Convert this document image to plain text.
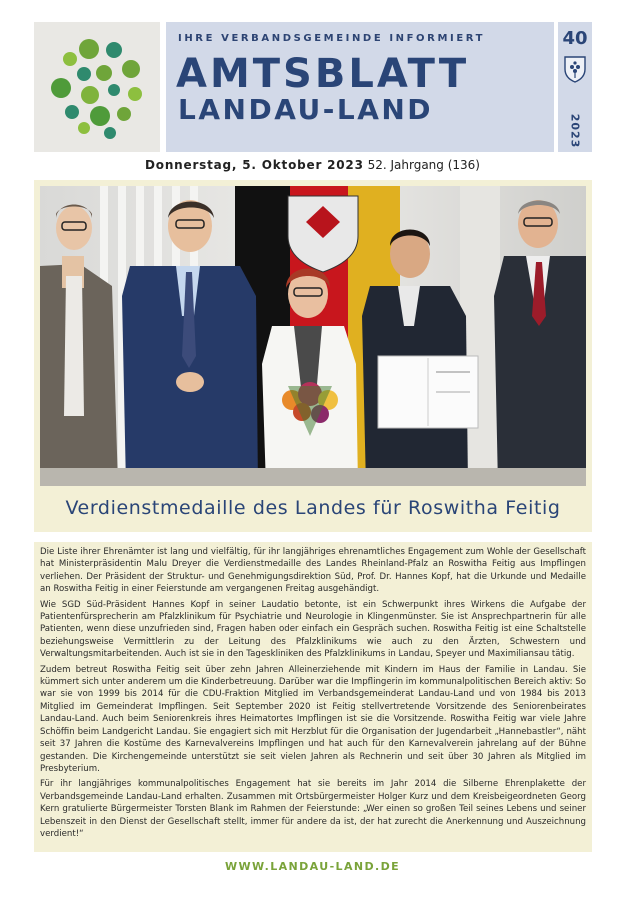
IHRE VERBANDSGEMEINDE INFORMIERT
AMTSBLATT
LANDAU-LAND
40
2023
Donnerstag, 5. Oktober 2023 52. Jahrgang (136)
Verdienstmedaille des Landes für Roswitha Feitig

Die Liste ihrer Ehrenämter ist lang und vielfältig, für ihr langjähriges ehrenamtliches Engagement zum Wohle der Gesellschaft hat Ministerpräsidentin Malu Dreyer die Verdienstmedaille des Landes Rheinland-Pfalz an Roswitha Feitig aus Impflingen verliehen. Der Präsident der Struktur- und Genehmigungsdirektion Süd, Prof. Dr. Hannes Kopf, hat die Urkunde und Medaille an Roswitha Feitig in einer Feierstunde am vergangenen Freitag ausgehändigt.

Wie SGD Süd-Präsident Hannes Kopf in seiner Laudatio betonte, ist ein Schwerpunkt ihres Wirkens die Aufgabe der Patientenfürsprecherin am Pfalzklinikum für Psychiatrie und Neurologie in Klingenmünster. Sie ist Ansprechpartnerin für alle Patienten, wenn diese unzufrieden sind, Fragen haben oder einfach ein Gespräch suchen. Roswitha Feitig ist eine Schaltstelle beziehungsweise Vermittlerin zu der Leitung des Pfalzklinikums wie auch zu den Ärzten, Schwestern und Verwaltungsmitarbeitenden. Auch ist sie in den Tageskliniken des Pfalzklinikums in Landau, Speyer und Maximiliansau tätig.

Zudem betreut Roswitha Feitig seit über zehn Jahren Alleinerziehende mit Kindern im Haus der Familie in Landau. Sie kümmert sich unter anderem um die Kinderbetreuung. Darüber war die Impflingerin im kommunalpolitischen Bereich aktiv: So war sie von 1999 bis 2014 für die CDU-Fraktion Mitglied im Verbandsgemeinderat Landau-Land und von 1984 bis 2013 Mitglied im Gemeinderat Impflingen. Seit September 2020 ist Feitig stellvertretende Vorsitzende des Seniorenbeirates Landau-Land. Auch beim Seniorenkreis ihres Heimatortes Impflingen ist sie die Vorsitzende. Roswitha Feitig war viele Jahre Schöffin beim Landgericht Landau. Sie engagiert sich mit Herzblut für die Organisation der Jugendarbeit „Hannebastler“, näht seit 37 Jahren die Kostüme des Karnevalvereins Impflingen und hat auch für den Karnevalverein jahrelang auf der Bühne gestanden. Die Kirchengemeinde unterstützt sie seit vielen Jahren als Rechnerin und seit über 30 Jahren als Mitglied im Presbyterium.

Für ihr langjähriges kommunalpolitisches Engagement hat sie bereits im Jahr 2014 die Silberne Ehrenplakette der Verbandsgemeinde Landau-Land erhalten. Zusammen mit Ortsbürgermeister Holger Kurz und dem Kreisbeigeordneten Georg Kern gratulierte Bürgermeister Torsten Blank im Rahmen der Feierstunde: „Wer einen so großen Teil seines Lebens und seiner Lebenszeit in den Dienst der Gesellschaft stellt, immer für andere da ist, der hat zurecht die Anerkennung und Auszeichnung verdient!“

WWW.LANDAU-LAND.DE
